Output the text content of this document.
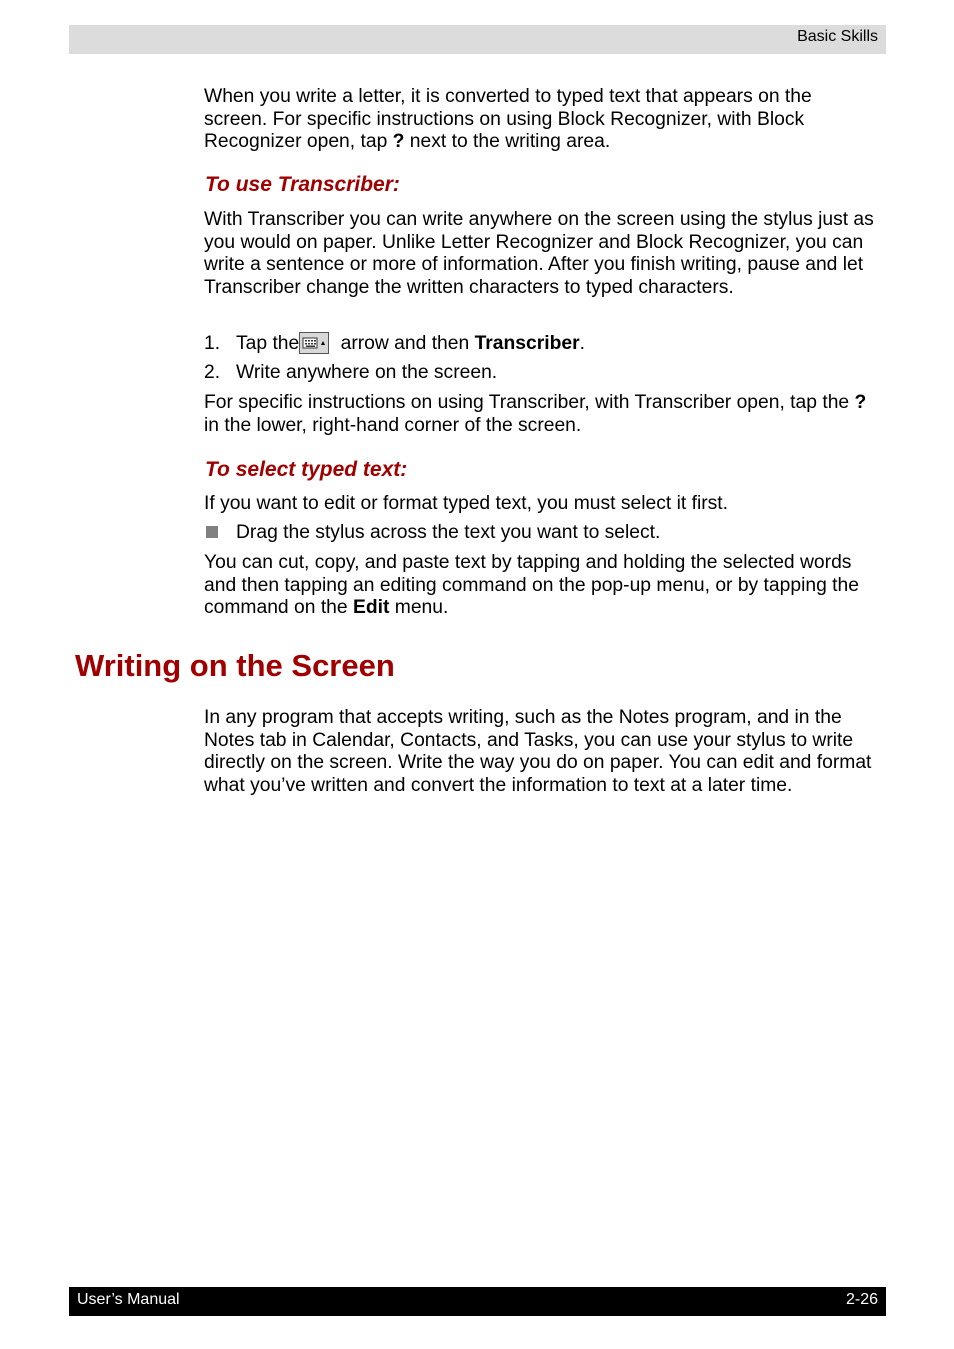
Basic Skills

When you write a letter, it is converted to typed text that appears on the screen. For specific instructions on using Block Recognizer, with Block Recognizer open, tap ? next to the writing area.

To use Transcriber:

With Transcriber you can write anywhere on the screen using the stylus just as you would on paper. Unlike Letter Recognizer and Block Recognizer, you can write a sentence or more of information. After you finish writing, pause and let Transcriber change the written characters to typed characters.

1. Tap the arrow and then Transcriber.
2. Write anywhere on the screen.

For specific instructions on using Transcriber, with Transcriber open, tap the ? in the lower, right-hand corner of the screen.

To select typed text:

If you want to edit or format typed text, you must select it first.

Drag the stylus across the text you want to select.

You can cut, copy, and paste text by tapping and holding the selected words and then tapping an editing command on the pop-up menu, or by tapping the command on the Edit menu.

Writing on the Screen

In any program that accepts writing, such as the Notes program, and in the Notes tab in Calendar, Contacts, and Tasks, you can use your stylus to write directly on the screen. Write the way you do on paper. You can edit and format what you’ve written and convert the information to text at a later time.

User’s Manual	2-26
